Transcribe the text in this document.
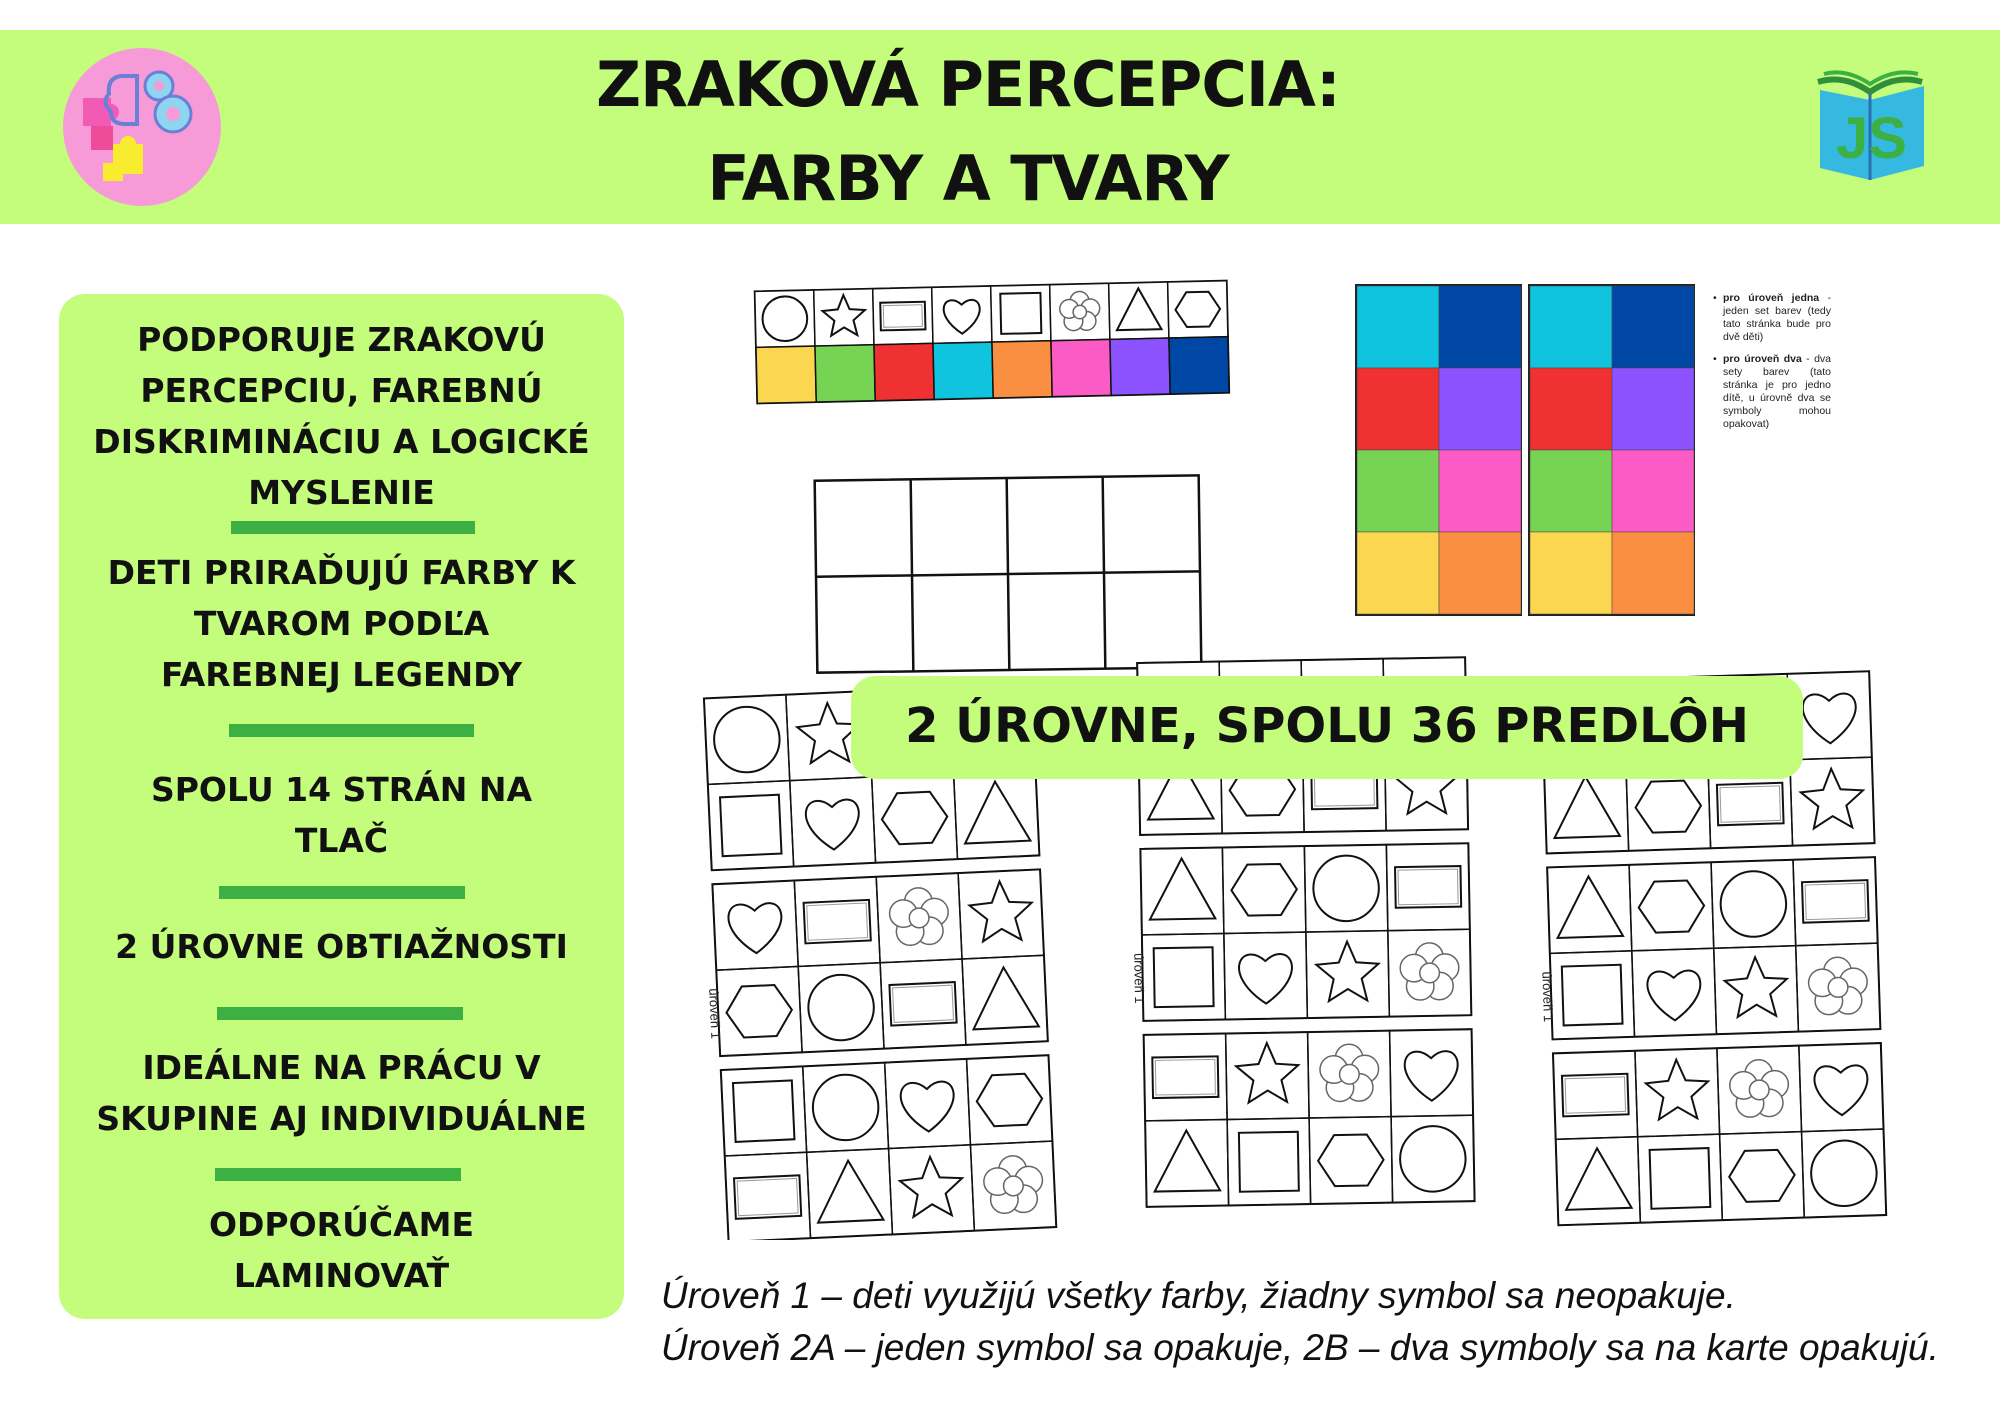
ZRAKOVÁ PERCEPCIA:
FARBY A TVARY
JS
PODPORUJE ZRAKOVÚ
PERCEPCIU, FAREBNÚ
DISKRIMINÁCIU A LOGICKÉ
MYSLENIE
DETI PRIRAĎUJÚ FARBY K
TVAROM PODĽA
FAREBNEJ LEGENDY
SPOLU 14 STRÁN NA
TLAČ
2 ÚROVNE OBTIAŽNOSTI
IDEÁLNE NA PRÁCU V
SKUPINE AJ INDIVIDUÁLNE
ODPORÚČAME
LAMINOVAŤ
• pro úroveň jedna - jeden set barev (tedy tato stránka bude pro dvě děti)
• pro úroveň dva - dva sety barev (tato stránka je pro jedno dítě, u úrovně dva se symboly mohou opakovat)
úroveň 1
úroveň 1	úroveň 1
2 ÚROVNE, SPOLU 36 PREDLÔH
Úroveň 1 – deti využijú všetky farby, žiadny symbol sa neopakuje.
Úroveň 2A – jeden symbol sa opakuje, 2B – dva symboly sa na karte opakujú.
